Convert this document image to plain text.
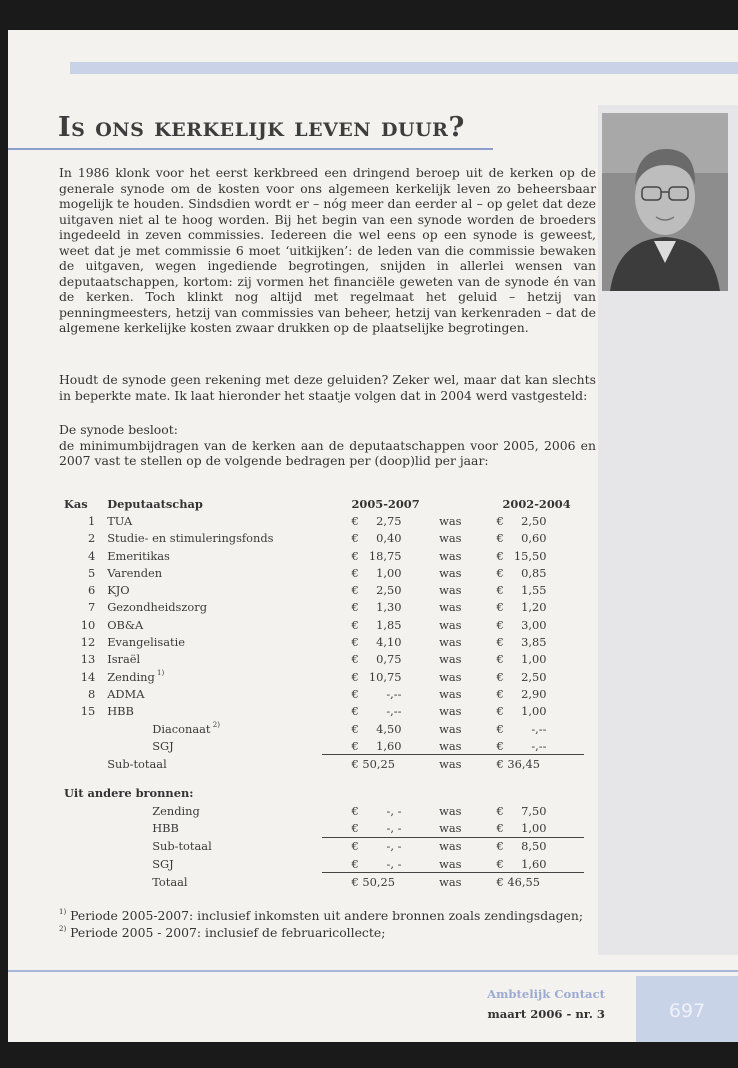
Is ons kerkelijk leven duur?

In 1986 klonk voor het eerst kerkbreed een dringend beroep uit de kerken op de generale synode om de kosten voor ons algemeen kerkelijk leven zo beheersbaar mogelijk te houden. Sindsdien wordt er – nóg meer dan eerder al – op gelet dat deze uitgaven niet al te hoog worden. Bij het begin van een synode worden de broeders ingedeeld in zeven commissies. Iedereen die wel eens op een synode is geweest, weet dat je met commissie 6 moet ‘uitkijken’: de leden van die commissie bewaken de uitgaven, wegen ingediende begrotingen, snijden in allerlei wensen van deputaatschappen, kortom: zij vormen het financiële geweten van de synode én van de kerken. Toch klinkt nog altijd met regelmaat het geluid – hetzij van penningmeesters, hetzij van commissies van beheer, hetzij van kerkenraden – dat de algemene kerkelijke kosten zwaar drukken op de plaatselijke begrotingen.

Houdt de synode geen rekening met deze geluiden? Zeker wel, maar dat kan slechts in beperkte mate. Ik laat hieronder het staatje volgen dat in 2004 werd vastgesteld:

De synode besloot:
de minimumbijdragen van de kerken aan de deputaatschappen voor 2005, 2006 en 2007 vast te stellen op de volgende bedragen per (doop)lid per jaar:

Kas	Deputaatschap	2005-2007		2002-2004
1	TUA	€ 2,75	was	€ 2,50
2	Studie- en stimuleringsfonds	€ 0,40	was	€ 0,60
4	Emeritikas	€ 18,75	was	€ 15,50
5	Varenden	€ 1,00	was	€ 0,85
6	KJO	€ 2,50	was	€ 1,55
7	Gezondheidszorg	€ 1,30	was	€ 1,20
10	OB&A	€ 1,85	was	€ 3,00
12	Evangelisatie	€ 4,10	was	€ 3,85
13	Israël	€ 0,75	was	€ 1,00
14	Zending $^{1)}$	€ 10,75	was	€ 2,50
8	ADMA	€ -,--	was	€ 2,90
15	HBB	€ -,--	was	€ 1,00
	Diaconaat $^{2)}$	€ 4,50	was	€ -,--
	SGJ	€ 1,60	was	€ -,--
	Sub-totaal	€ 50,25	was	€ 36,45

Uit andere bronnen:				
	Zending	€ -, -	was	€ 7,50
	HBB	€ -, -	was	€ 1,00
	Sub-totaal	€ -, -	was	€ 8,50
	SGJ	€ -, -	was	€ 1,60
	Totaal	€ 50,25	was	€ 46,55
$^{1)}$ Periode 2005-2007: inclusief inkomsten uit andere bronnen zoals zendingsdagen;
$^{2)}$ Periode 2005 - 2007: inclusief de februaricollecte;

Ambtelijk Contact

maart 2006 - nr. 3	697
